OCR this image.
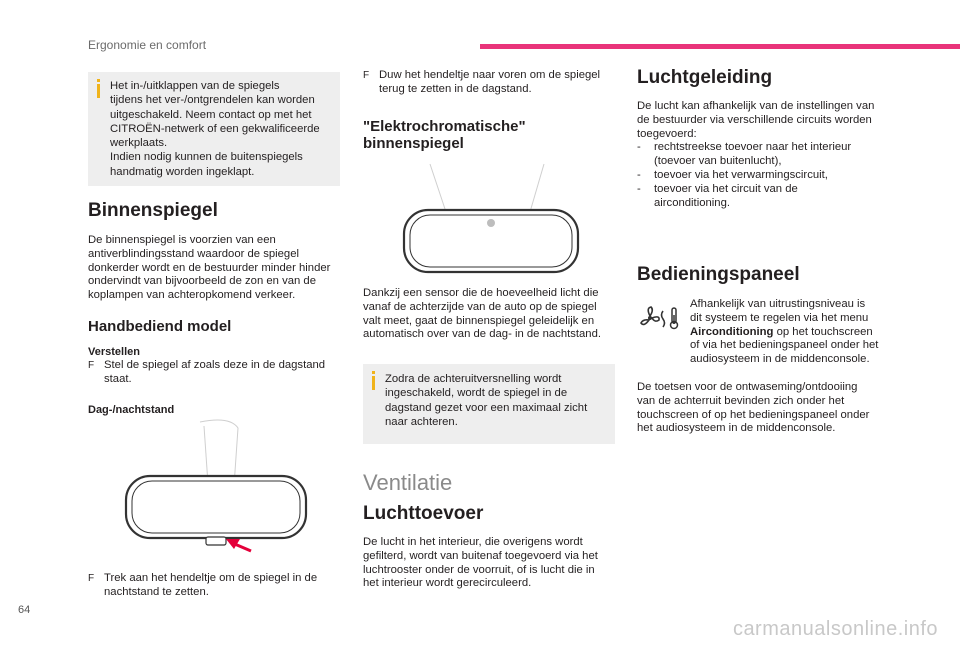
Ergonomie en comfort
Het in-/uitklappen van de spiegels
tijdens het ver-/ontgrendelen kan worden
uitgeschakeld. Neem contact op met het
CITROËN-netwerk of een gekwalificeerde
werkplaats.
Indien nodig kunnen de buitenspiegels
handmatig worden ingeklapt.
Binnenspiegel
De binnenspiegel is voorzien van een
antiverblindingsstand waardoor de spiegel
donkerder wordt en de bestuurder minder hinder
ondervindt van bijvoorbeeld de zon en van de
koplampen van achteropkomend verkeer.
Handbediend model
Verstellen
F Stel de spiegel af zoals deze in de dagstand
staat.
Dag-/nachtstand
F Trek aan het hendeltje om de spiegel in de
nachtstand te zetten.
F Duw het hendeltje naar voren om de spiegel
terug te zetten in de dagstand.
"Elektrochromatische"
binnenspiegel
Dankzij een sensor die de hoeveelheid licht die
vanaf de achterzijde van de auto op de spiegel
valt meet, gaat de binnenspiegel geleidelijk en
automatisch over van de dag- in de nachtstand.
Zodra de achteruitversnelling wordt
ingeschakeld, wordt de spiegel in de
dagstand gezet voor een maximaal zicht
naar achteren.
Ventilatie
Luchttoevoer
De lucht in het interieur, die overigens wordt
gefilterd, wordt van buitenaf toegevoerd via het
luchtrooster onder de voorruit, of is lucht die in
het interieur wordt gerecirculeerd.
Luchtgeleiding
De lucht kan afhankelijk van de instellingen van
de bestuurder via verschillende circuits worden
toegevoerd:
- rechtstreekse toevoer naar het interieur
(toevoer van buitenlucht),
- toevoer via het verwarmingscircuit,
- toevoer via het circuit van de
airconditioning.
Bedieningspaneel
Afhankelijk van uitrustingsniveau is
dit systeem te regelen via het menu
Airconditioning op het touchscreen
of via het bedieningspaneel onder het
audiosysteem in de middenconsole.
De toetsen voor de ontwaseming/ontdooiing
van de achterruit bevinden zich onder het
touchscreen of op het bedieningspaneel onder
het audiosysteem in de middenconsole.
64
carmanualsonline.info
